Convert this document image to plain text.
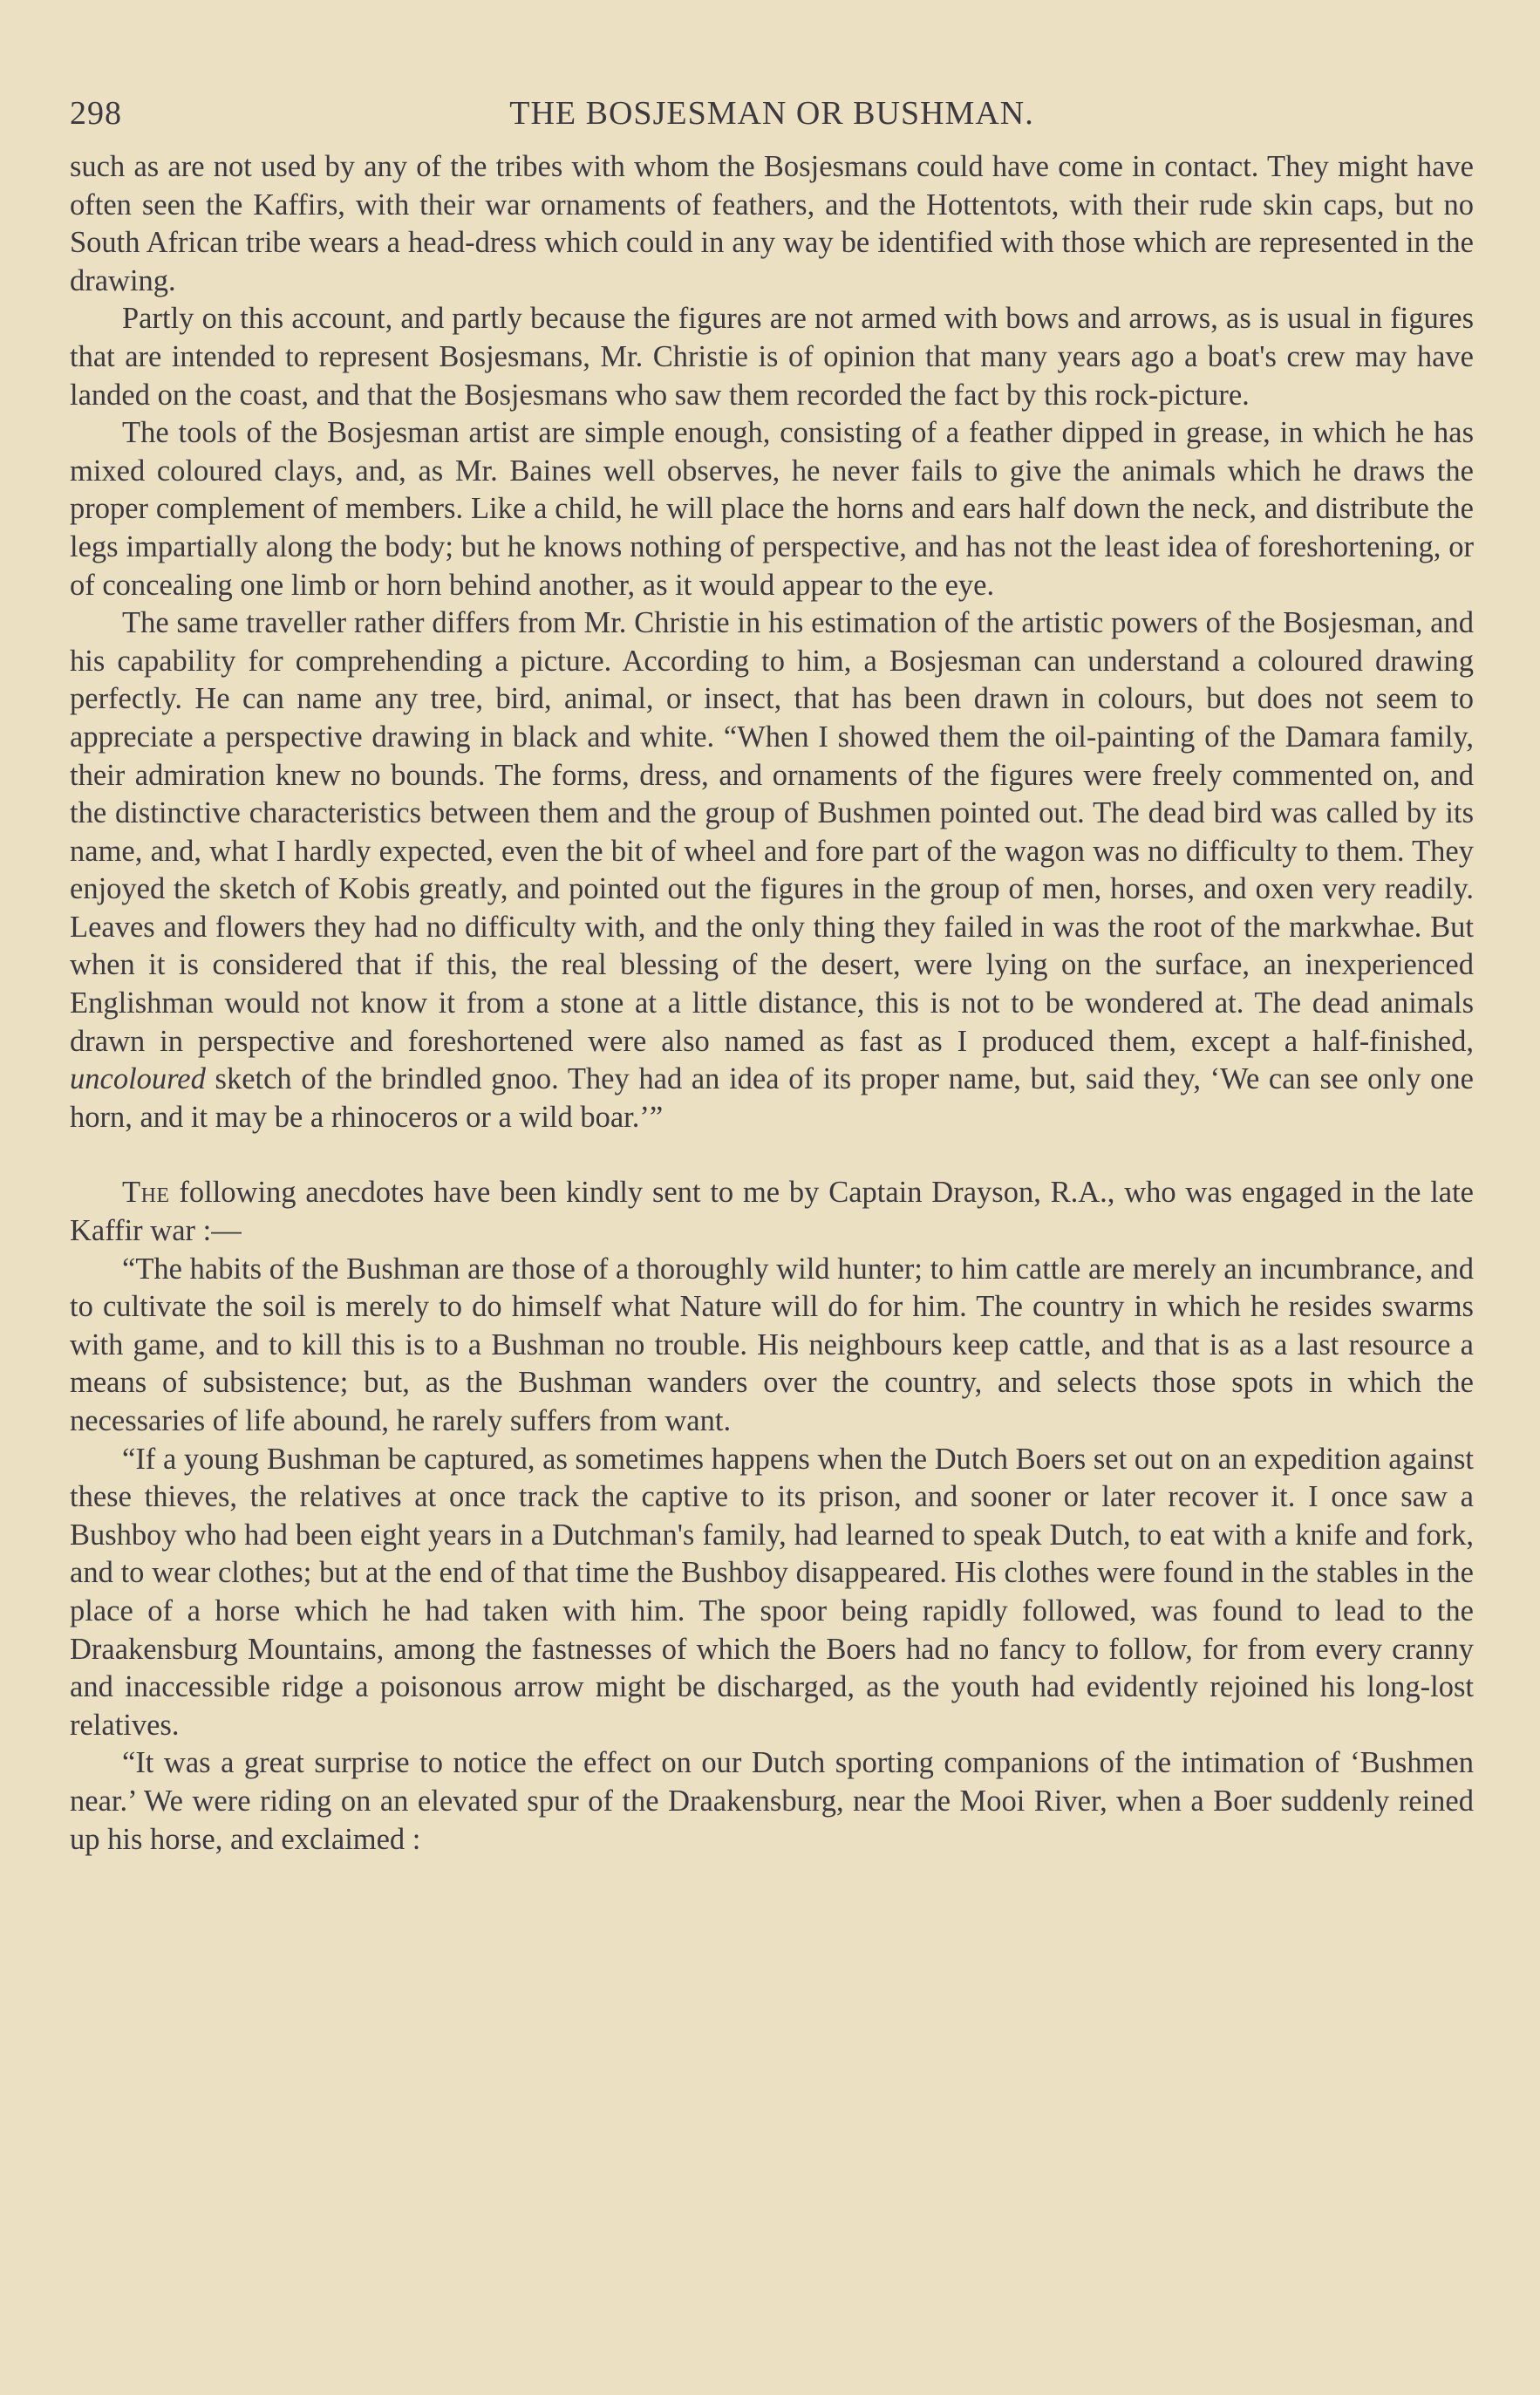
298	THE BOSJESMAN OR BUSHMAN.

such as are not used by any of the tribes with whom the Bosjesmans could have come in contact. They might have often seen the Kaffirs, with their war ornaments of feathers, and the Hottentots, with their rude skin caps, but no South African tribe wears a head-dress which could in any way be identified with those which are represented in the drawing.

Partly on this account, and partly because the figures are not armed with bows and arrows, as is usual in figures that are intended to represent Bosjesmans, Mr. Christie is of opinion that many years ago a boat's crew may have landed on the coast, and that the Bosjesmans who saw them recorded the fact by this rock-picture.

The tools of the Bosjesman artist are simple enough, consisting of a feather dipped in grease, in which he has mixed coloured clays, and, as Mr. Baines well observes, he never fails to give the animals which he draws the proper complement of members. Like a child, he will place the horns and ears half down the neck, and distribute the legs impartially along the body; but he knows nothing of perspective, and has not the least idea of foreshortening, or of concealing one limb or horn behind another, as it would appear to the eye.

The same traveller rather differs from Mr. Christie in his estimation of the artistic powers of the Bosjesman, and his capability for comprehending a picture. According to him, a Bosjesman can understand a coloured drawing perfectly. He can name any tree, bird, animal, or insect, that has been drawn in colours, but does not seem to appreciate a perspective drawing in black and white. “When I showed them the oil-painting of the Damara family, their admiration knew no bounds. The forms, dress, and ornaments of the figures were freely commented on, and the distinctive characteristics between them and the group of Bushmen pointed out. The dead bird was called by its name, and, what I hardly expected, even the bit of wheel and fore part of the wagon was no difficulty to them. They enjoyed the sketch of Kobis greatly, and pointed out the figures in the group of men, horses, and oxen very readily. Leaves and flowers they had no difficulty with, and the only thing they failed in was the root of the markwhae. But when it is considered that if this, the real blessing of the desert, were lying on the surface, an inexperienced Englishman would not know it from a stone at a little distance, this is not to be wondered at. The dead animals drawn in perspective and foreshortened were also named as fast as I produced them, except a half-finished, uncoloured sketch of the brindled gnoo. They had an idea of its proper name, but, said they, ‘We can see only one horn, and it may be a rhinoceros or a wild boar.’”

The following anecdotes have been kindly sent to me by Captain Drayson, R.A., who was engaged in the late Kaffir war :—

“The habits of the Bushman are those of a thoroughly wild hunter; to him cattle are merely an incumbrance, and to cultivate the soil is merely to do himself what Nature will do for him. The country in which he resides swarms with game, and to kill this is to a Bushman no trouble. His neighbours keep cattle, and that is as a last resource a means of subsistence; but, as the Bushman wanders over the country, and selects those spots in which the necessaries of life abound, he rarely suffers from want.

“If a young Bushman be captured, as sometimes happens when the Dutch Boers set out on an expedition against these thieves, the relatives at once track the captive to its prison, and sooner or later recover it. I once saw a Bushboy who had been eight years in a Dutchman's family, had learned to speak Dutch, to eat with a knife and fork, and to wear clothes; but at the end of that time the Bushboy disappeared. His clothes were found in the stables in the place of a horse which he had taken with him. The spoor being rapidly followed, was found to lead to the Draakensburg Mountains, among the fastnesses of which the Boers had no fancy to follow, for from every cranny and inaccessible ridge a poisonous arrow might be discharged, as the youth had evidently rejoined his long-lost relatives.

“It was a great surprise to notice the effect on our Dutch sporting companions of the intimation of ‘Bushmen near.’ We were riding on an elevated spur of the Draakensburg, near the Mooi River, when a Boer suddenly reined up his horse, and exclaimed :
